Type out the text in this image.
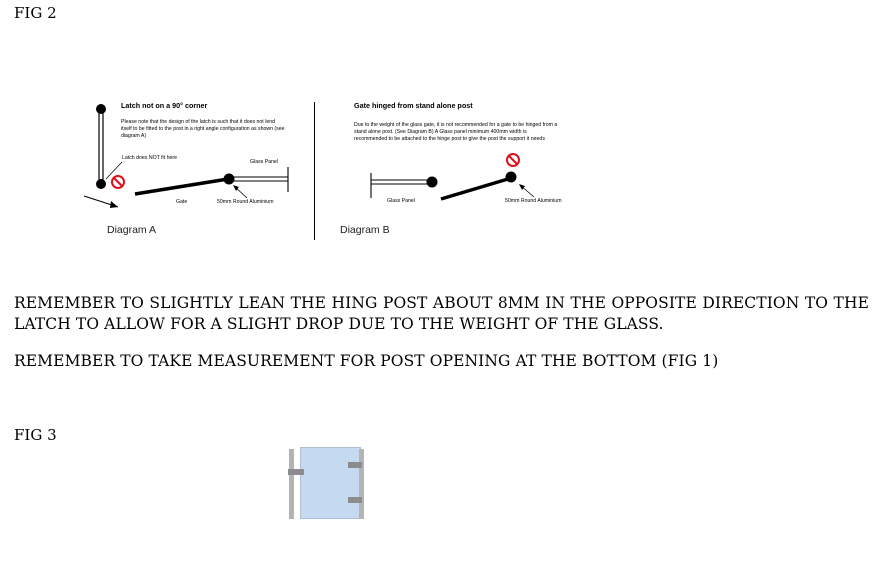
FIG 2
Latch not on a 90° corner
Please note that the design of the latch is such that it does not lend itself to be fitted to the post in a right angle configuration as shown (see diagram A)
Latch does NOT fit here
Glass Panel
Gate	50mm Round Aluminium
Diagram A
Gate hinged from stand alone post
Due to the weight of the glass gate, it is not recommended for a gate to be hinged from a stand alone post. (See Diagram B) A Glass panel minimum 400mm width is recommended to be attached to the hinge post to give the post the support it needs
Glass Panel	50mm Round Aluminium
Diagram B
REMEMBER TO SLIGHTLY LEAN THE HING POST ABOUT 8MM IN THE OPPOSITE DIRECTION TO THE
LATCH TO ALLOW FOR A SLIGHT DROP DUE TO THE WEIGHT OF THE GLASS.
REMEMBER TO TAKE MEASUREMENT FOR POST OPENING AT THE BOTTOM (FIG 1)
FIG 3
